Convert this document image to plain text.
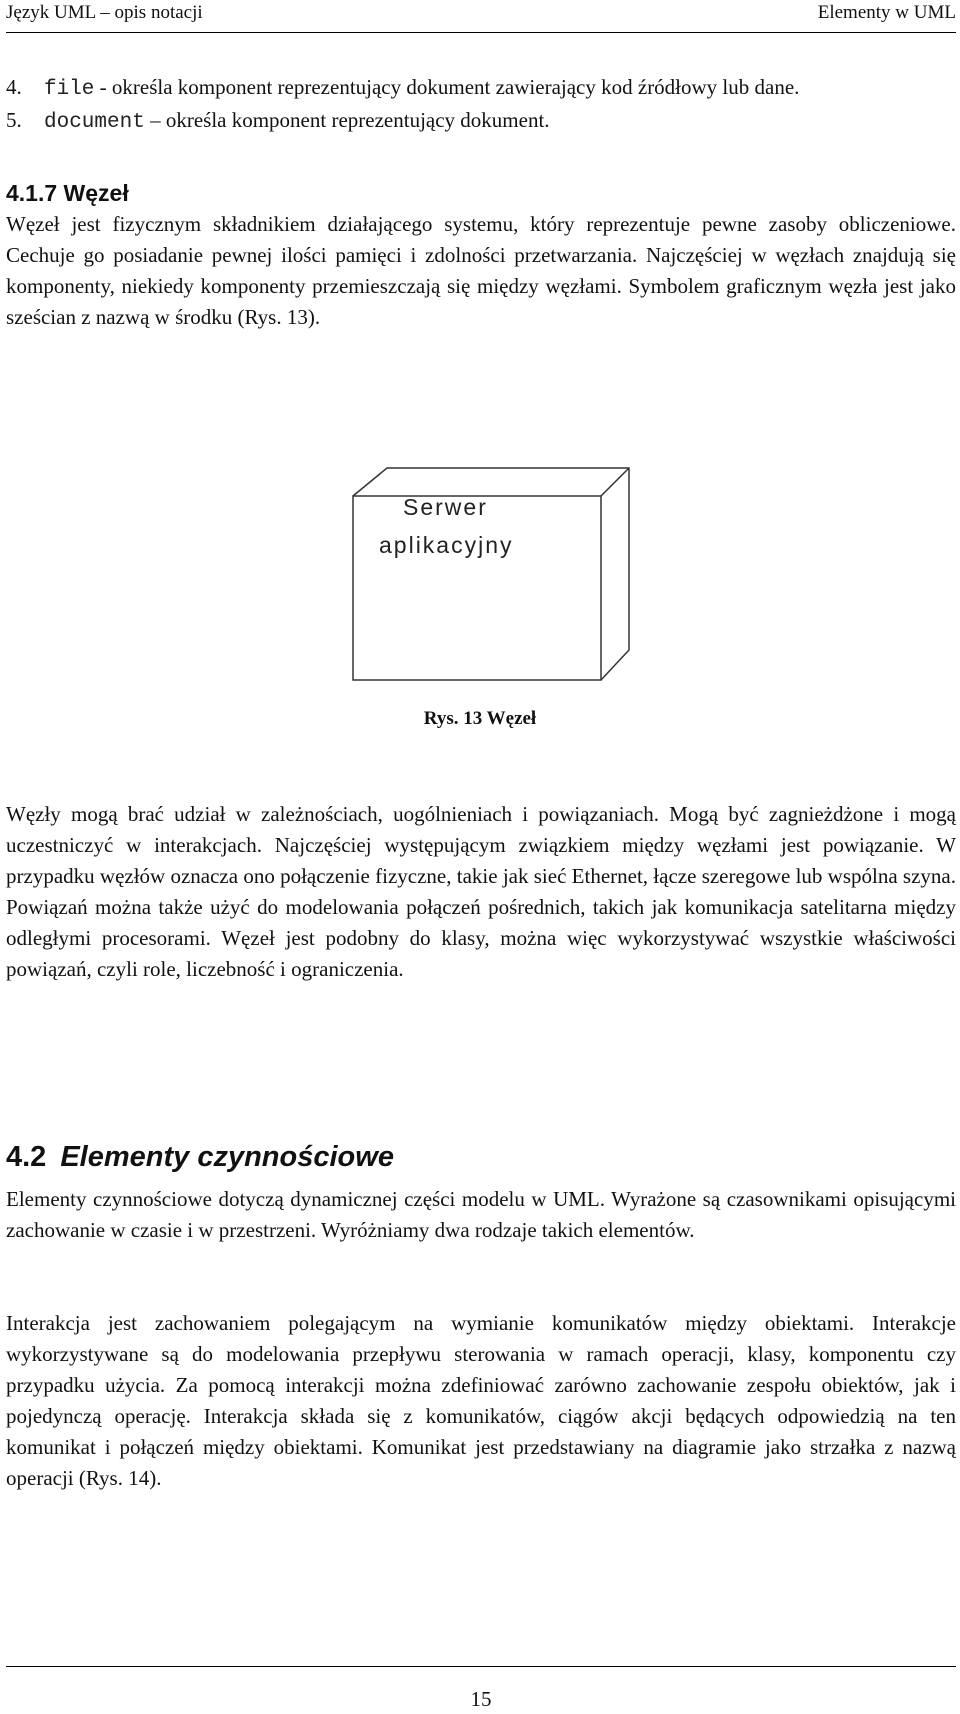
Język UML – opis notacji	Elementy w UML
4. file - określa komponent reprezentujący dokument zawierający kod źródłowy lub dane.
5. document – określa komponent reprezentujący dokument.
4.1.7 Węzeł

Węzeł jest fizycznym składnikiem działającego systemu, który reprezentuje pewne zasoby obliczeniowe. Cechuje go posiadanie pewnej ilości pamięci i zdolności przetwarzania. Najczęściej w węzłach znajdują się komponenty, niekiedy komponenty przemieszczają się między węzłami. Symbolem graficznym węzła jest jako sześcian z nazwą w środku (Rys. 13).

Serwer
aplikacyjny
Rys. 13 Węzeł

Węzły mogą brać udział w zależnościach, uogólnieniach i powiązaniach. Mogą być zagnieżdżone i mogą uczestniczyć w interakcjach. Najczęściej występującym związkiem między węzłami jest powiązanie. W przypadku węzłów oznacza ono połączenie fizyczne, takie jak sieć Ethernet, łącze szeregowe lub wspólna szyna. Powiązań można także użyć do modelowania połączeń pośrednich, takich jak komunikacja satelitarna między odległymi procesorami. Węzeł jest podobny do klasy, można więc wykorzystywać wszystkie właściwości powiązań, czyli role, liczebność i ograniczenia.

4.2 Elementy czynnościowe

Elementy czynnościowe dotyczą dynamicznej części modelu w UML. Wyrażone są czasownikami opisującymi zachowanie w czasie i w przestrzeni. Wyróżniamy dwa rodzaje takich elementów.

Interakcja jest zachowaniem polegającym na wymianie komunikatów między obiektami. Interakcje wykorzystywane są do modelowania przepływu sterowania w ramach operacji, klasy, komponentu czy przypadku użycia. Za pomocą interakcji można zdefiniować zarówno zachowanie zespołu obiektów, jak i pojedynczą operację. Interakcja składa się z komunikatów, ciągów akcji będących odpowiedzią na ten komunikat i połączeń między obiektami. Komunikat jest przedstawiany na diagramie jako strzałka z nazwą operacji (Rys. 14).

15
